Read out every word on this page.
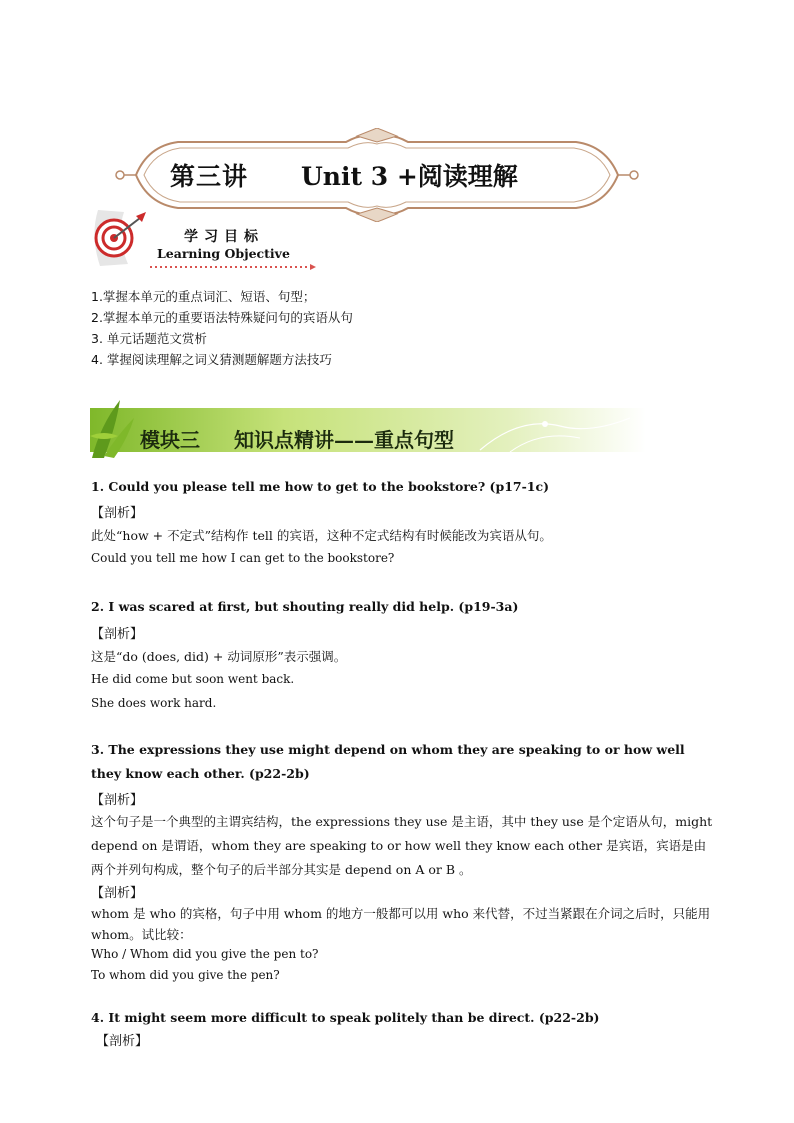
第三讲 Unit 3 +阅读理解
学习目标
Learning Objective
1.掌握本单元的重点词汇、短语、句型；
2.掌握本单元的重要语法特殊疑问句的宾语从句
3. 单元话题范文赏析
4. 掌握阅读理解之词义猜测题解题方法技巧
模块三 知识点精讲——重点句型
1. Could you please tell me how to get to the bookstore? (p17-1c)
【剖析】
此处“how + 不定式”结构作 tell 的宾语，这种不定式结构有时候能改为宾语从句。
Could you tell me how I can get to the bookstore?
2. I was scared at first, but shouting really did help. (p19-3a)
【剖析】
这是“do (does, did) + 动词原形”表示强调。
He did come but soon went back.
She does work hard.
3. The expressions they use might depend on whom they are speaking to or how well they know each other. (p22-2b)
【剖析】
这个句子是一个典型的主谓宾结构，the expressions they use 是主语，其中 they use 是个定语从句，might depend on 是谓语，whom they are speaking to or how well they know each other 是宾语，宾语是由两个并列句构成，整个句子的后半部分其实是 depend on A or B 。
【剖析】
whom 是 who 的宾格，句子中用 whom 的地方一般都可以用 who 来代替，不过当紧跟在介词之后时，只能用 whom。试比较：
Who / Whom did you give the pen to?
To whom did you give the pen?
4. It might seem more difficult to speak politely than be direct. (p22-2b)
【剖析】
